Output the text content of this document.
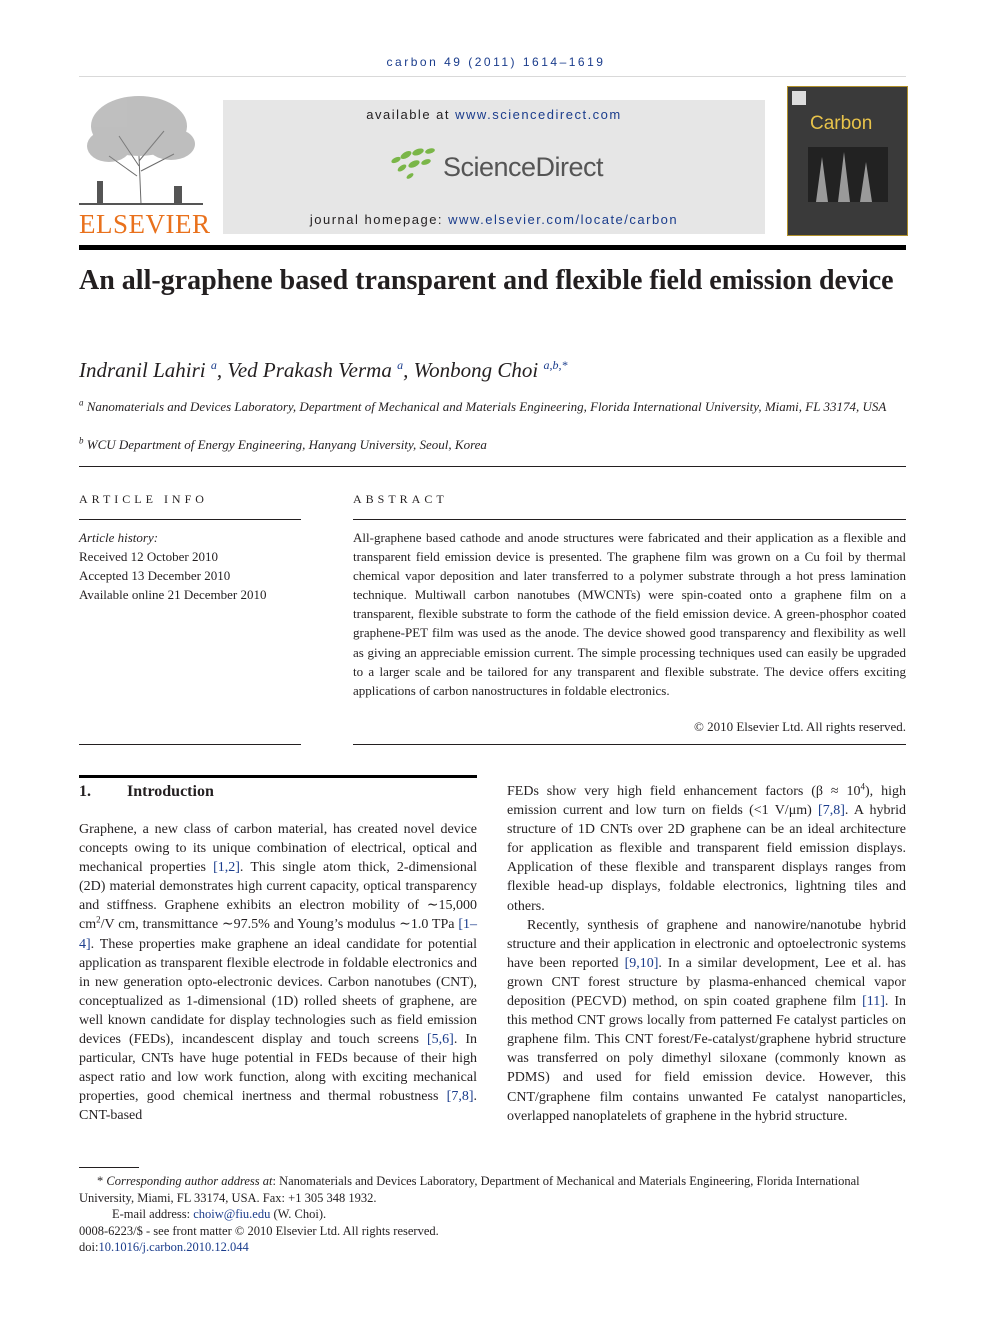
carbon 49 (2011) 1614–1619
ELSEVIER
available at www.sciencedirect.com
ScienceDirect
journal homepage: www.elsevier.com/locate/carbon
Carbon
An all-graphene based transparent and flexible field emission device
Indranil Lahiri $^a$, Ved Prakash Verma $^a$, Wonbong Choi $^{a,b,*}$
$^a$ Nanomaterials and Devices Laboratory, Department of Mechanical and Materials Engineering, Florida International University, Miami, FL 33174, USA
$^b$ WCU Department of Energy Engineering, Hanyang University, Seoul, Korea
ARTICLE INFO
Article history:
Received 12 October 2010
Accepted 13 December 2010
Available online 21 December 2010
ABSTRACT
All-graphene based cathode and anode structures were fabricated and their application as a flexible and transparent field emission device is presented. The graphene film was grown on a Cu foil by thermal chemical vapor deposition and later transferred to a polymer substrate through a hot press lamination technique. Multiwall carbon nanotubes (MWCNTs) were spin-coated onto a graphene film on a transparent, flexible substrate to form the cathode of the field emission device. A green-phosphor coated graphene-PET film was used as the anode. The device showed good transparency and flexibility as well as giving an appreciable emission current. The simple processing techniques used can easily be upgraded to a larger scale and be tailored for any transparent and flexible substrate. The device offers exciting applications of carbon nanostructures in foldable electronics.
© 2010 Elsevier Ltd. All rights reserved.
1. Introduction

Graphene, a new class of carbon material, has created novel device concepts owing to its unique combination of electrical, optical and mechanical properties [1,2]. This single atom thick, 2-dimensional (2D) material demonstrates high current capacity, optical transparency and stiffness. Graphene exhibits an electron mobility of ∼15,000 $cm^2/V$ cm, transmittance ∼97.5% and Young’s modulus ∼1.0 TPa [1–4]. These properties make graphene an ideal candidate for potential application as transparent flexible electrode in foldable electronics and in new generation opto-electronic devices. Carbon nanotubes (CNT), conceptualized as 1-dimensional (1D) rolled sheets of graphene, are well known candidate for display technologies such as field emission devices (FEDs), incandescent display and touch screens [5,6]. In particular, CNTs have huge potential in FEDs because of their high aspect ratio and low work function, along with exciting mechanical properties, good chemical inertness and thermal robustness [7,8]. CNT-based

FEDs show very high field enhancement factors $(\beta \approx 10^4)$, high emission current and low turn on fields (<1 V/μm) [7,8]. A hybrid structure of 1D CNTs over 2D graphene can be an ideal architecture for application as flexible and transparent field emission displays. Application of these flexible and transparent displays ranges from flexible head-up displays, foldable electronics, lightning tiles and others.

Recently, synthesis of graphene and nanowire/nanotube hybrid structure and their application in electronic and optoelectronic systems have been reported [9,10]. In a similar development, Lee et al. has grown CNT forest structure by plasma-enhanced chemical vapor deposition (PECVD) method, on spin coated graphene film [11]. In this method CNT grows locally from patterned Fe catalyst particles on graphene film. This CNT forest/Fe-catalyst/graphene hybrid structure was transferred on poly dimethyl siloxane (commonly known as PDMS) and used for field emission device. However, this CNT/graphene film contains unwanted Fe catalyst nanoparticles, overlapped nanoplatelets of graphene in the hybrid structure.

* Corresponding author address at: Nanomaterials and Devices Laboratory, Department of Mechanical and Materials Engineering, Florida International University, Miami, FL 33174, USA. Fax: +1 305 348 1932.
E-mail address: choiw@fiu.edu (W. Choi).
0008-6223/$ - see front matter © 2010 Elsevier Ltd. All rights reserved.
doi:10.1016/j.carbon.2010.12.044
